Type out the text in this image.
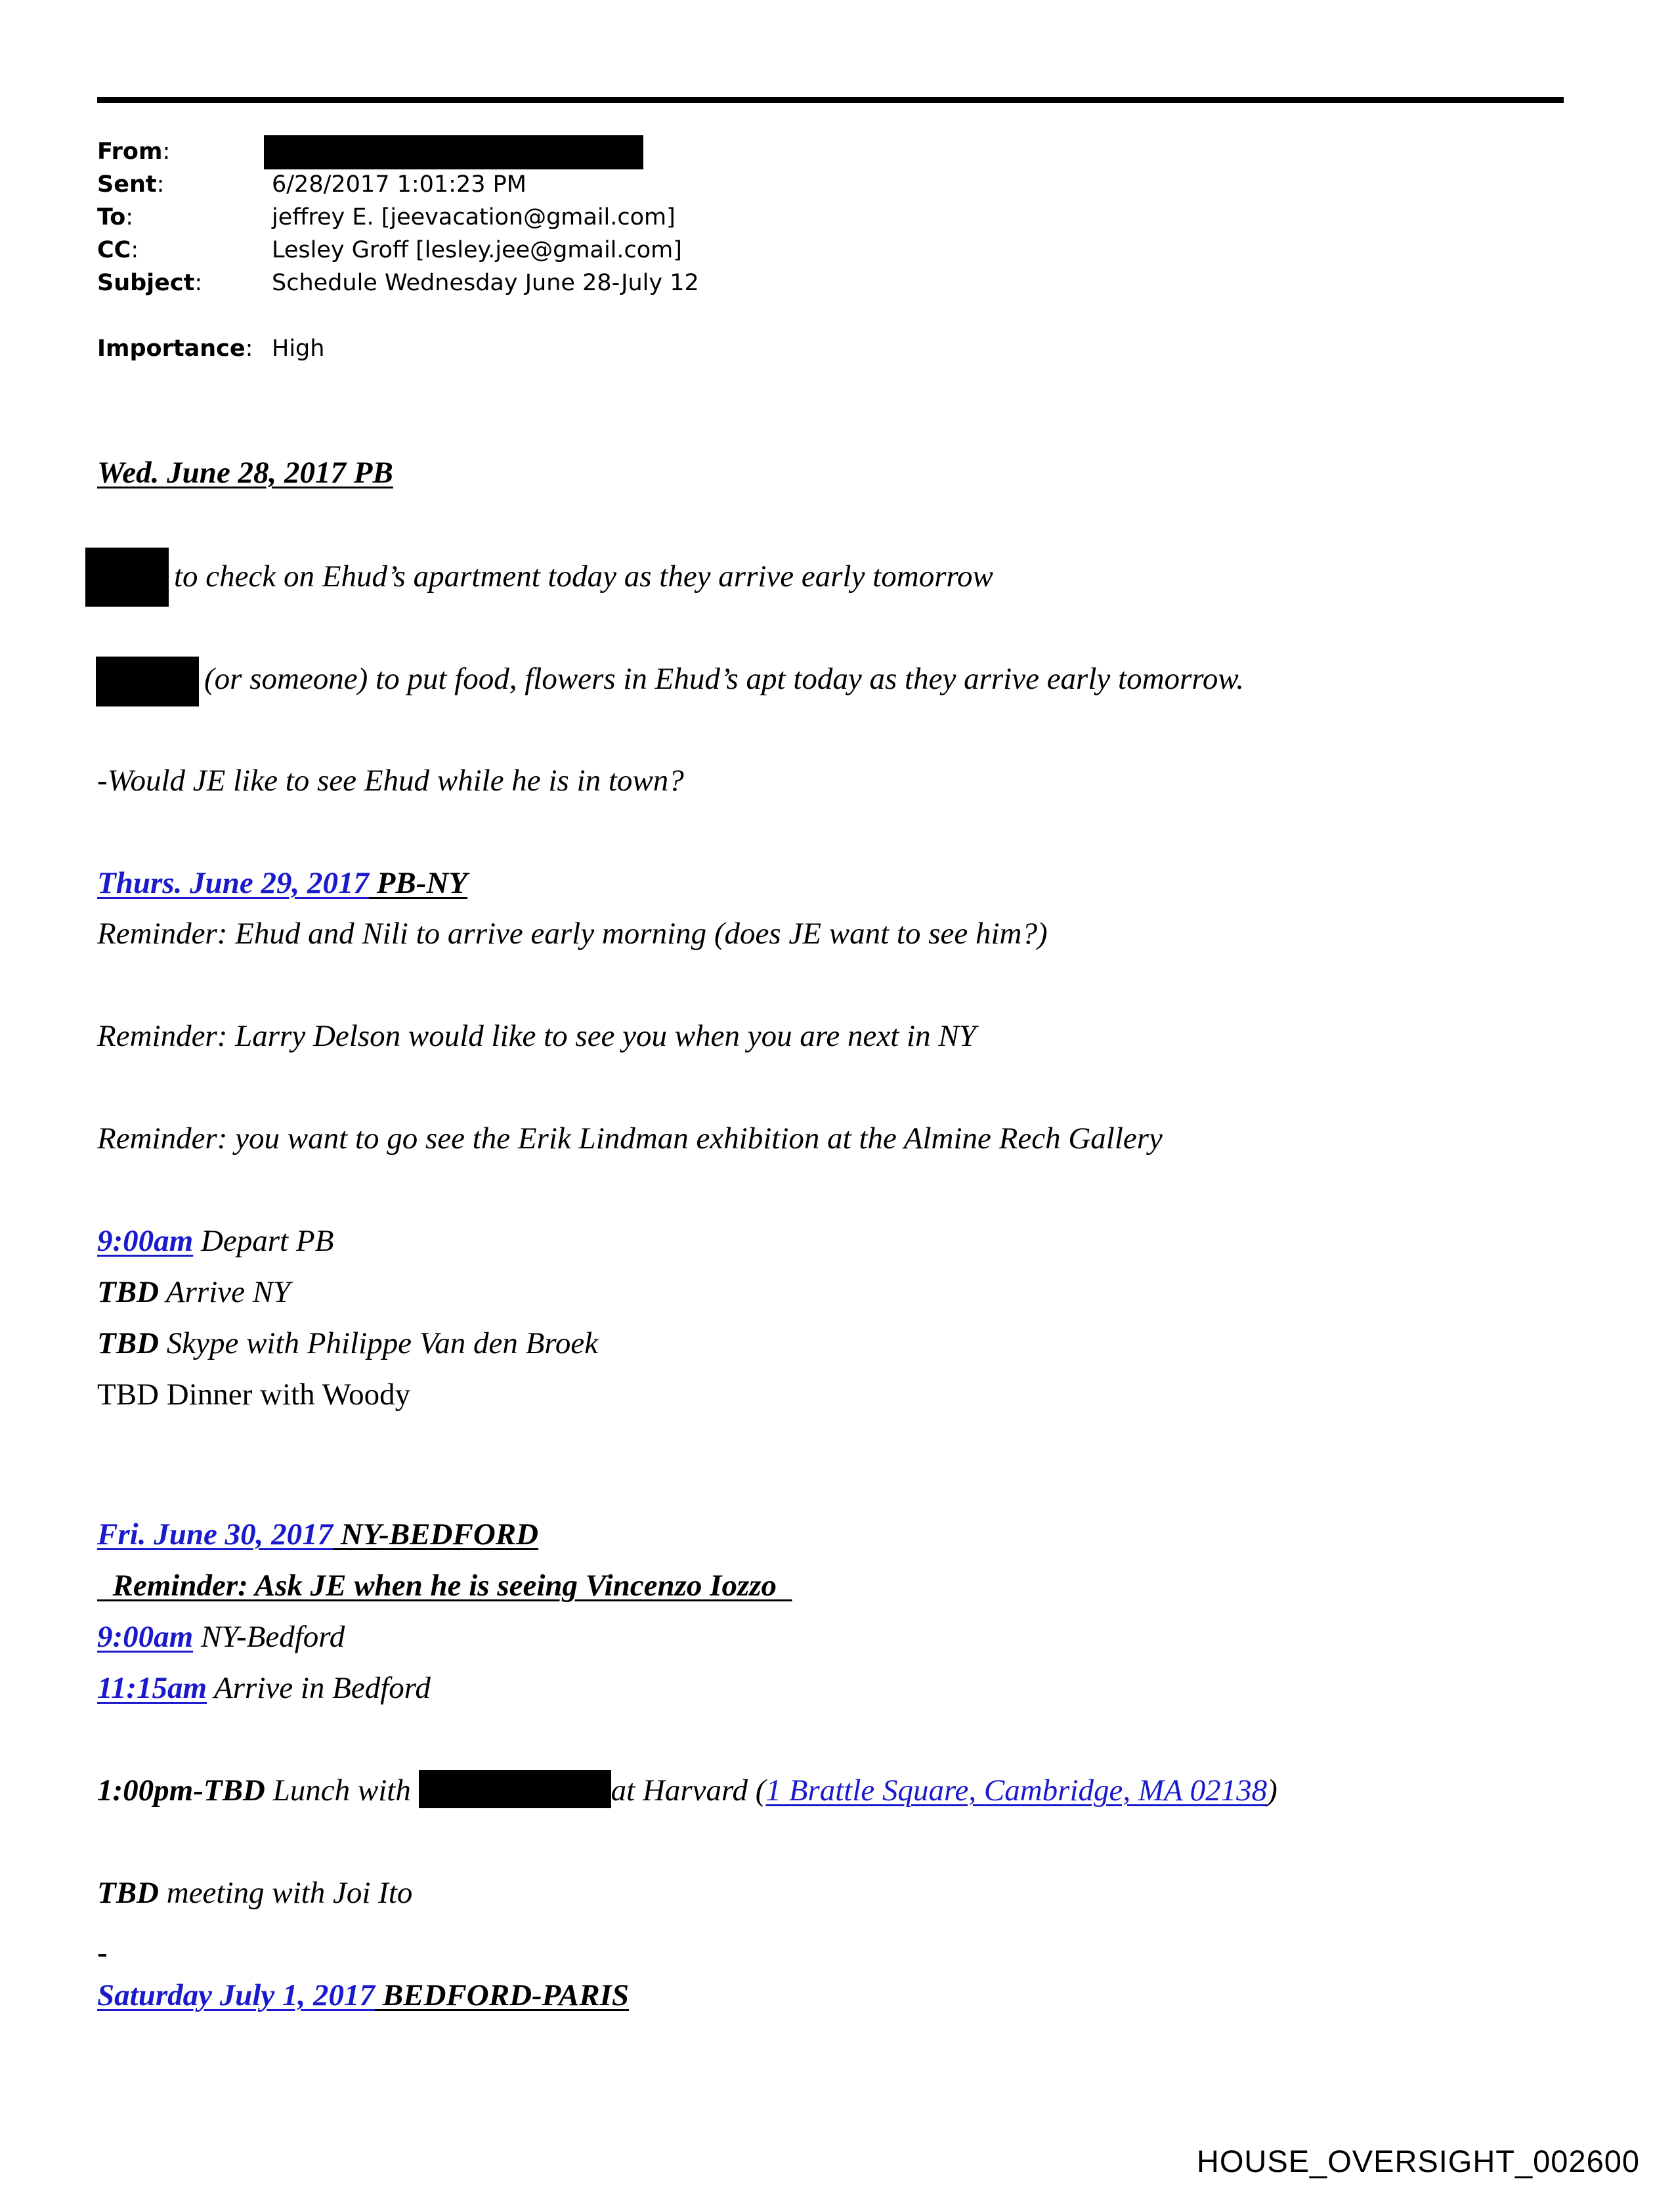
From:
Sent:	6/28/2017 1:01:23 PM
To:	jeffrey E. [jeevacation@gmail.com]
CC:	Lesley Groff [lesley.jee@gmail.com]
Subject:	Schedule Wednesday June 28-July 12
Importance: High
Wed. June 28, 2017 PB
to check on Ehud’s apartment today as they arrive early tomorrow
(or someone) to put food, flowers in Ehud’s apt today as they arrive early tomorrow.
-Would JE like to see Ehud while he is in town?
Thurs. June 29, 2017 PB-NY
Reminder: Ehud and Nili to arrive early morning (does JE want to see him?)
Reminder: Larry Delson would like to see you when you are next in NY
Reminder: you want to go see the Erik Lindman exhibition at the Almine Rech Gallery
9:00am Depart PB
TBD Arrive NY
TBD Skype with Philippe Van den Broek
TBD Dinner with Woody
Fri. June 30, 2017 NY-BEDFORD
Reminder: Ask JE when he is seeing Vincenzo Iozzo
9:00am NY-Bedford
11:15am Arrive in Bedford
1:00pm-TBD Lunch with	at Harvard (1 Brattle Square, Cambridge, MA 02138)
TBD meeting with Joi Ito
-
Saturday July 1, 2017 BEDFORD-PARIS
HOUSE_OVERSIGHT_002600
